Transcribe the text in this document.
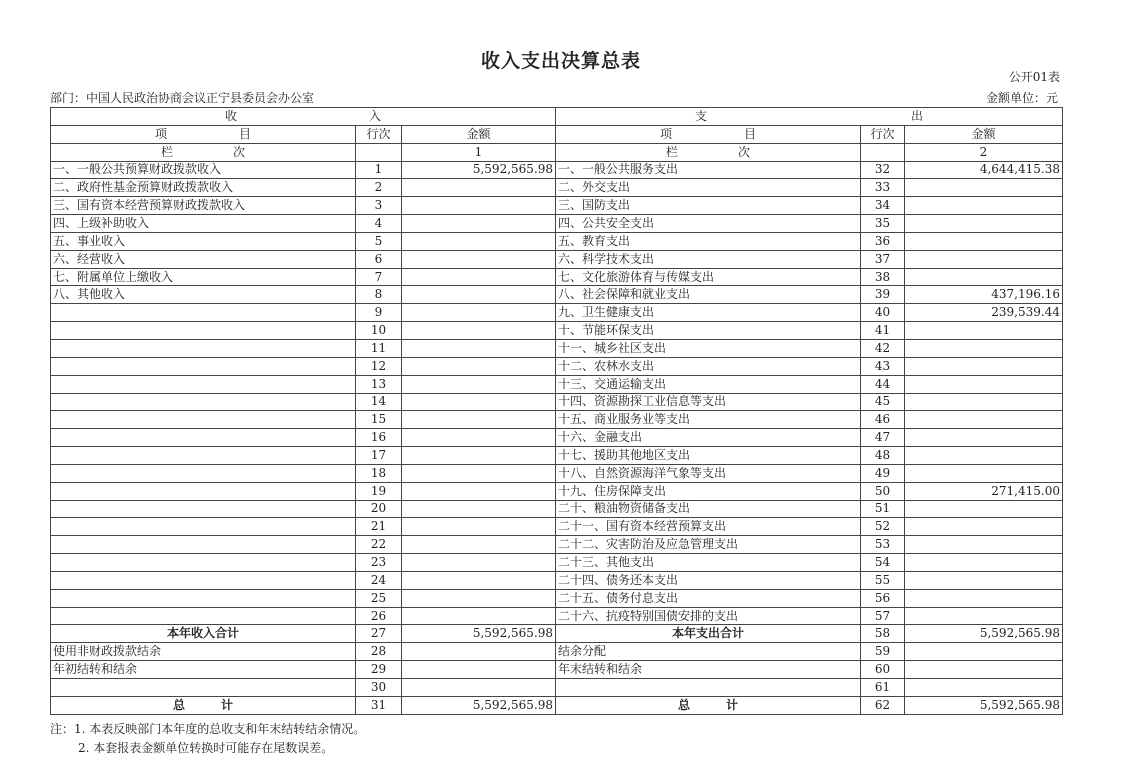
收入支出决算总表
公开01表
部门：中国人民政治协商会议正宁县委员会办公室	金额单位：元
收　　　　　　　　　　　入			支　　　　　　　　　　　　　　　　　出		
项　　　　　　目	行次	金额	项　　　　　　目	行次	金额
栏　　　　　次		1	栏　　　　　次		2
一、一般公共预算财政拨款收入	1	5,592,565.98	一、一般公共服务支出	32	4,644,415.38
二、政府性基金预算财政拨款收入	2		二、外交支出	33	
三、国有资本经营预算财政拨款收入	3		三、国防支出	34	
四、上级补助收入	4		四、公共安全支出	35	
五、事业收入	5		五、教育支出	36	
六、经营收入	6		六、科学技术支出	37	
七、附属单位上缴收入	7		七、文化旅游体育与传媒支出	38	
八、其他收入	8		八、社会保障和就业支出	39	437,196.16
	9		九、卫生健康支出	40	239,539.44
	10		十、节能环保支出	41	
	11		十一、城乡社区支出	42	
	12		十二、农林水支出	43	
	13		十三、交通运输支出	44	
	14		十四、资源勘探工业信息等支出	45	
	15		十五、商业服务业等支出	46	
	16		十六、金融支出	47	
	17		十七、援助其他地区支出	48	
	18		十八、自然资源海洋气象等支出	49	
	19		十九、住房保障支出	50	271,415.00
	20		二十、粮油物资储备支出	51	
	21		二十一、国有资本经营预算支出	52	
	22		二十二、灾害防治及应急管理支出	53	
	23		二十三、其他支出	54	
	24		二十四、债务还本支出	55	
	25		二十五、债务付息支出	56	
	26		二十六、抗疫特别国债安排的支出	57	
本年收入合计	27	5,592,565.98	本年支出合计	58	5,592,565.98
使用非财政拨款结余	28		结余分配	59	
年初结转和结余	29		年末结转和结余	60	
	30			61	
总　　　计	31	5,592,565.98	总　　　计	62	5,592,565.98
注：1. 本表反映部门本年度的总收支和年末结转结余情况。
2. 本套报表金额单位转换时可能存在尾数误差。
